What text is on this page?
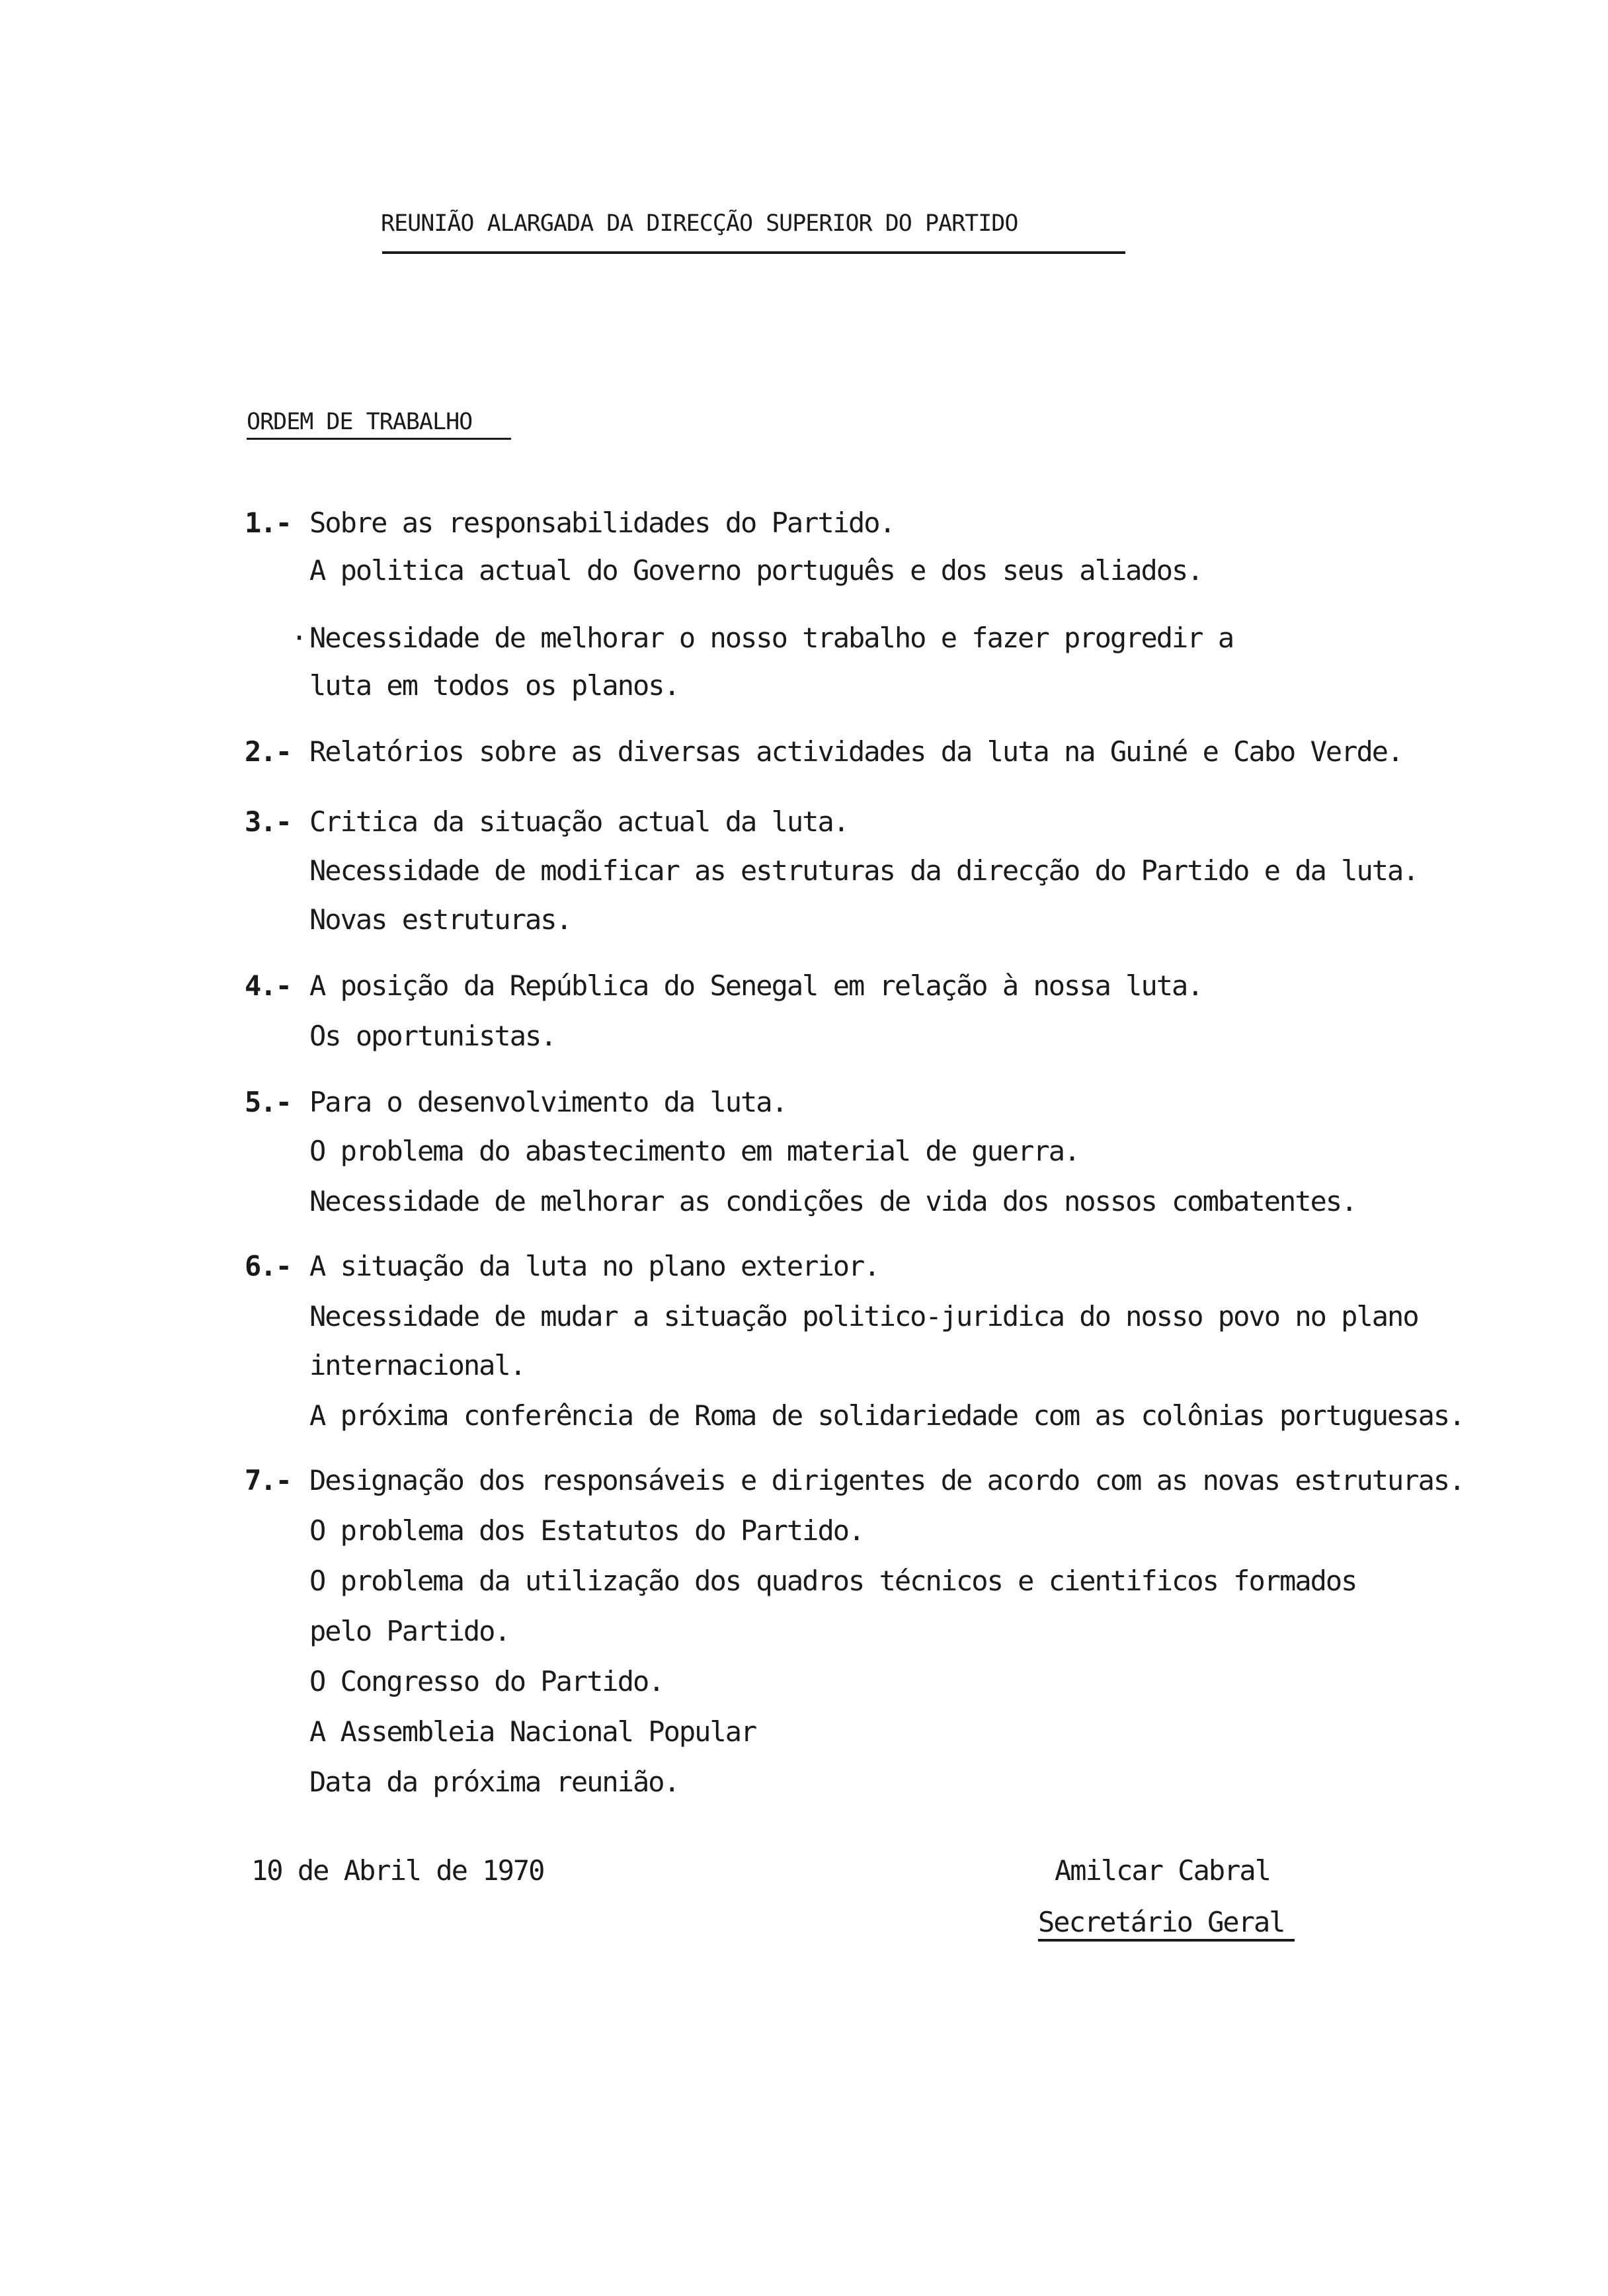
REUNIÃO ALARGADA DA DIRECÇÃO SUPERIOR DO PARTIDO
ORDEM DE TRABALHO
1.- Sobre as responsabilidades do Partido.
A politica actual do Governo português e dos seus aliados.
· Necessidade de melhorar o nosso trabalho e fazer progredir a
luta em todos os planos.
2.- Relatórios sobre as diversas actividades da luta na Guiné e Cabo Verde.
3.- Critica da situação actual da luta.
Necessidade de modificar as estruturas da direcção do Partido e da luta.
Novas estruturas.
4.- A posição da República do Senegal em relação à nossa luta.
Os oportunistas.
5.- Para o desenvolvimento da luta.
O problema do abastecimento em material de guerra.
Necessidade de melhorar as condições de vida dos nossos combatentes.
6.- A situação da luta no plano exterior.
Necessidade de mudar a situação politico-juridica do nosso povo no plano
internacional.
A próxima conferência de Roma de solidariedade com as colônias portuguesas.
7.- Designação dos responsáveis e dirigentes de acordo com as novas estruturas.
O problema dos Estatutos do Partido.
O problema da utilização dos quadros técnicos e cientificos formados
pelo Partido.
O Congresso do Partido.
A Assembleia Nacional Popular
Data da próxima reunião.
10 de Abril de 1970	Amilcar Cabral
Secretário Geral
